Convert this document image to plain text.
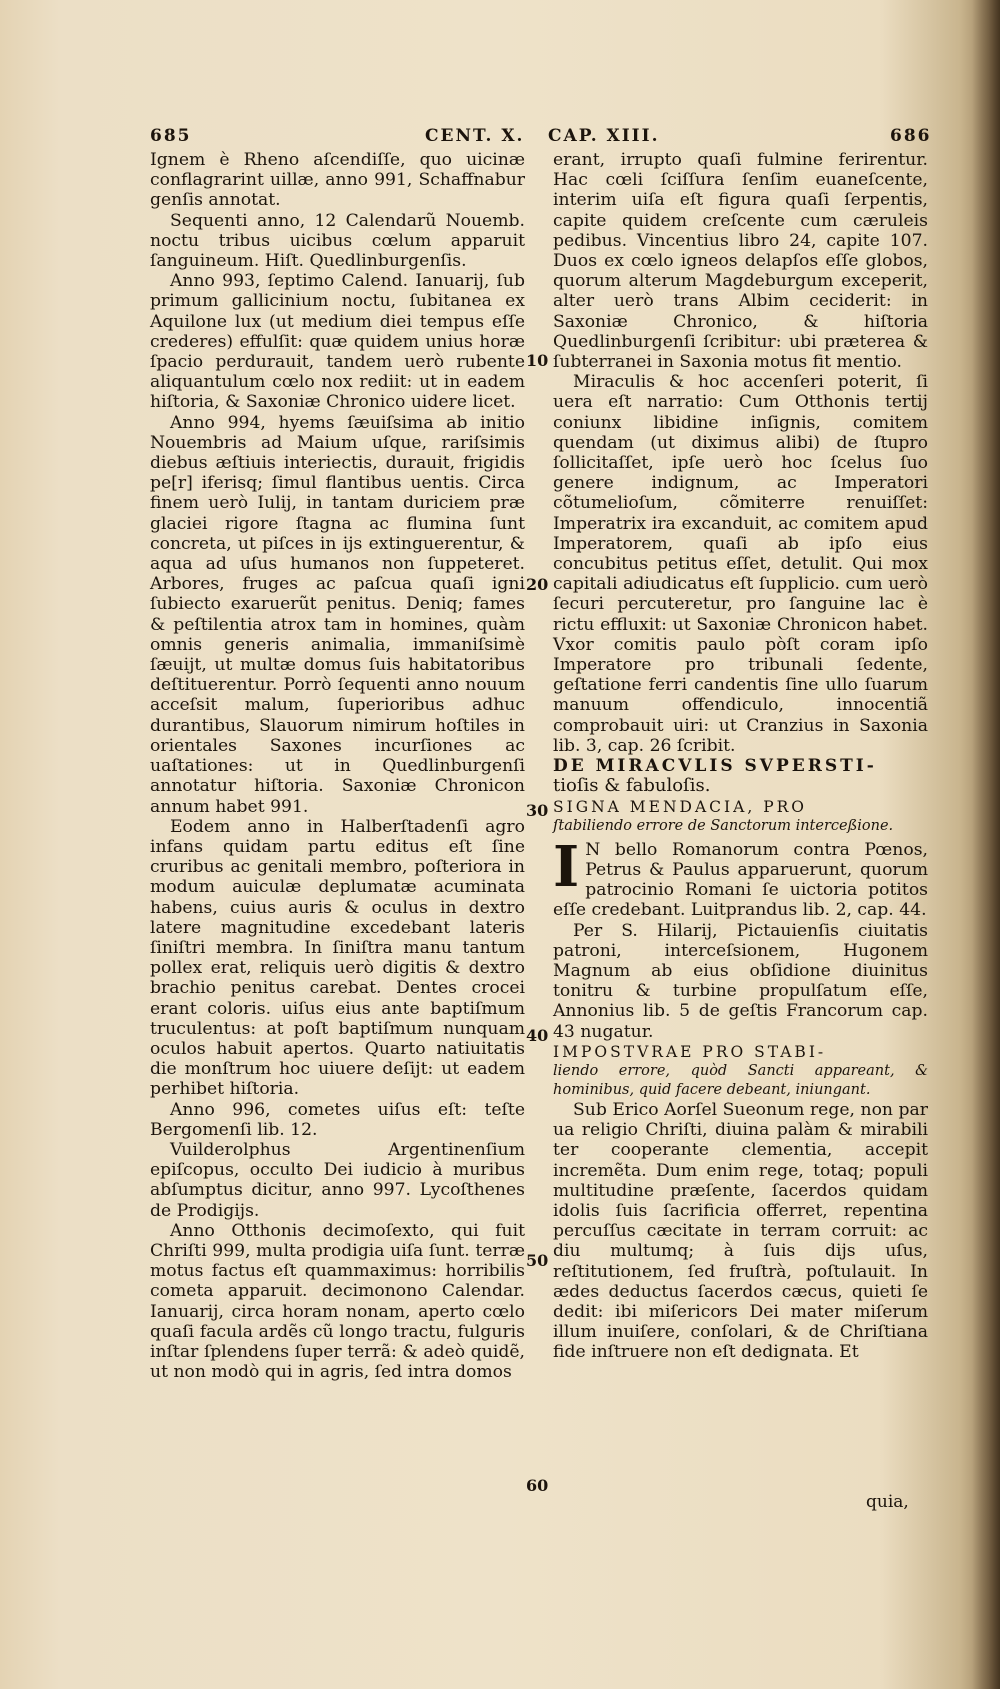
685	CENT. X. CAP. XIII.	686
10
20
30
40
50
60

Ignem è Rheno aſcendiſſe, quo uicinæ conflagrarint uillæ, anno 991, Schaffnabur genſis annotat.

Sequenti anno, 12 Calendarũ Nouemb. noctu tribus uicibus cœlum apparuit ſanguineum. Hiſt. Quedlinburgenſis.

Anno 993, ſeptimo Calend. Ianuarij, ſub primum gallicinium noctu, ſubitanea ex Aquilone lux (ut medium diei tempus eſſe crederes) effulſit: quæ quidem unius horæ ſpacio perdurauit, tandem uerò rubente aliquantulum cœlo nox rediit: ut in eadem hiſtoria, & Saxoniæ Chronico uidere licet.

Anno 994, hyems ſæuiſsima ab initio Nouembris ad Maium uſque, rariſsimis diebus æſtiuis interiectis, durauit, frigidis pe[r] iferisq; ſimul flantibus uentis. Circa finem uerò Iulij, in tantam duriciem præ glaciei rigore ſtagna ac flumina ſunt concreta, ut piſces in ijs extinguerentur, & aqua ad uſus humanos non ſuppeteret. Arbores, fruges ac paſcua quaſi igni ſubiecto exaruerũt penitus. Deniq; fames & peſtilentia atrox tam in homines, quàm omnis generis animalia, immaniſsimè ſæuijt, ut multæ domus ſuis habitatoribus deſtituerentur. Porrò ſequenti anno nouum acceſsit malum, ſuperioribus adhuc durantibus, Slauorum nimirum hoſtiles in orientales Saxones incurſiones ac uaſtationes: ut in Quedlinburgenſi annotatur hiſtoria. Saxoniæ Chronicon annum habet 991.

Eodem anno in Halberſtadenſi agro infans quidam partu editus eſt ſine cruribus ac genitali membro, poſteriora in modum auiculæ deplumatæ acuminata habens, cuius auris & oculus in dextro latere magnitudine excedebant lateris ſiniſtri membra. In ſiniſtra manu tantum pollex erat, reliquis uerò digitis & dextro brachio penitus carebat. Dentes crocei erant coloris. uiſus eius ante baptiſmum truculentus: at poſt baptiſmum nunquam oculos habuit apertos. Quarto natiuitatis die monſtrum hoc uiuere deſijt: ut eadem perhibet hiſtoria.

Anno 996, cometes uiſus eſt: teſte Bergomenſi lib. 12.

Vuilderolphus Argentinenſium epiſcopus, occulto Dei iudicio à muribus abſumptus dicitur, anno 997. Lycoſthenes de Prodigijs.

Anno Otthonis decimoſexto, qui fuit Chriſti 999, multa prodigia uiſa ſunt. terræ motus factus eſt quammaximus: horribilis cometa apparuit. decimonono Calendar. Ianuarij, circa horam nonam, aperto cœlo quaſi facula ardẽs cũ longo tractu, fulguris inſtar ſplendens ſuper terrã: & adeò quidẽ, ut non modò qui in agris, ſed intra domos

erant, irrupto quaſi fulmine ferirentur. Hac cœli ſciſſura ſenſim euaneſcente, interim uiſa eſt figura quaſi ſerpentis, capite quidem creſcente cum cæruleis pedibus. Vincentius libro 24, capite 107. Duos ex cœlo igneos delapſos eſſe globos, quorum alterum Magdeburgum exceperit, alter uerò trans Albim ceciderit: in Saxoniæ Chronico, & hiſtoria Quedlinburgenſi ſcribitur: ubi præterea & ſubterranei in Saxonia motus fit mentio.

Miraculis & hoc accenſeri poterit, ſi uera eſt narratio: Cum Otthonis tertij coniunx libidine inſignis, comitem quendam (ut diximus alibi) de ſtupro ſollicitaſſet, ipſe uerò hoc ſcelus ſuo genere indignum, ac Imperatori cõtumelioſum, cõmiterre renuiſſet: Imperatrix ira excanduit, ac comitem apud Imperatorem, quaſi ab ipſo eius concubitus petitus eſſet, detulit. Qui mox capitali adiudicatus eſt ſupplicio. cum uerò ſecuri percuteretur, pro ſanguine lac è rictu effluxit: ut Saxoniæ Chronicon habet. Vxor comitis paulo pòſt coram ipſo Imperatore pro tribunali ſedente, geſtatione ferri candentis ſine ullo ſuarum manuum offendiculo, innocentiã comprobauit uiri: ut Cranzius in Saxonia lib. 3, cap. 26 ſcribit.

DE MIRACVLIS SVPERSTI-

tioſis & fabuloſis.

SIGNA MENDACIA, PRO

ſtabiliendo errore de Sanctorum interceßione.

I N bello Romanorum contra Pœnos, Petrus & Paulus apparuerunt, quorum patrocinio Romani ſe uictoria potitos eſſe credebant. Luitprandus lib. 2, cap. 44.

Per S. Hilarij, Pictauienſis ciuitatis patroni, interceſsionem, Hugonem Magnum ab eius obſidione diuinitus tonitru & turbine propulſatum eſſe, Annonius lib. 5 de geſtis Francorum cap. 43 nugatur.

IMPOSTVRAE PRO STABI-

liendo errore, quòd Sancti appareant, & hominibus, quid facere debeant, iniungant.

Sub Erico Aorſel Sueonum rege, non par ua religio Chriſti, diuina palàm & mirabili ter cooperante clementia, accepit incremẽta. Dum enim rege, totaq; populi multitudine præſente, ſacerdos quidam idolis ſuis ſacrificia offerret, repentina percuſſus cæcitate in terram corruit: ac diu multumq; à ſuis dijs uſus, reſtitutionem, ſed fruſtrà, poſtulauit. In ædes deductus ſacerdos cæcus, quieti ſe dedit: ibi miſericors Dei mater miſerum illum inuiſere, conſolari, & de Chriſtiana fide inſtruere non eſt dedignata. Et

quia,
